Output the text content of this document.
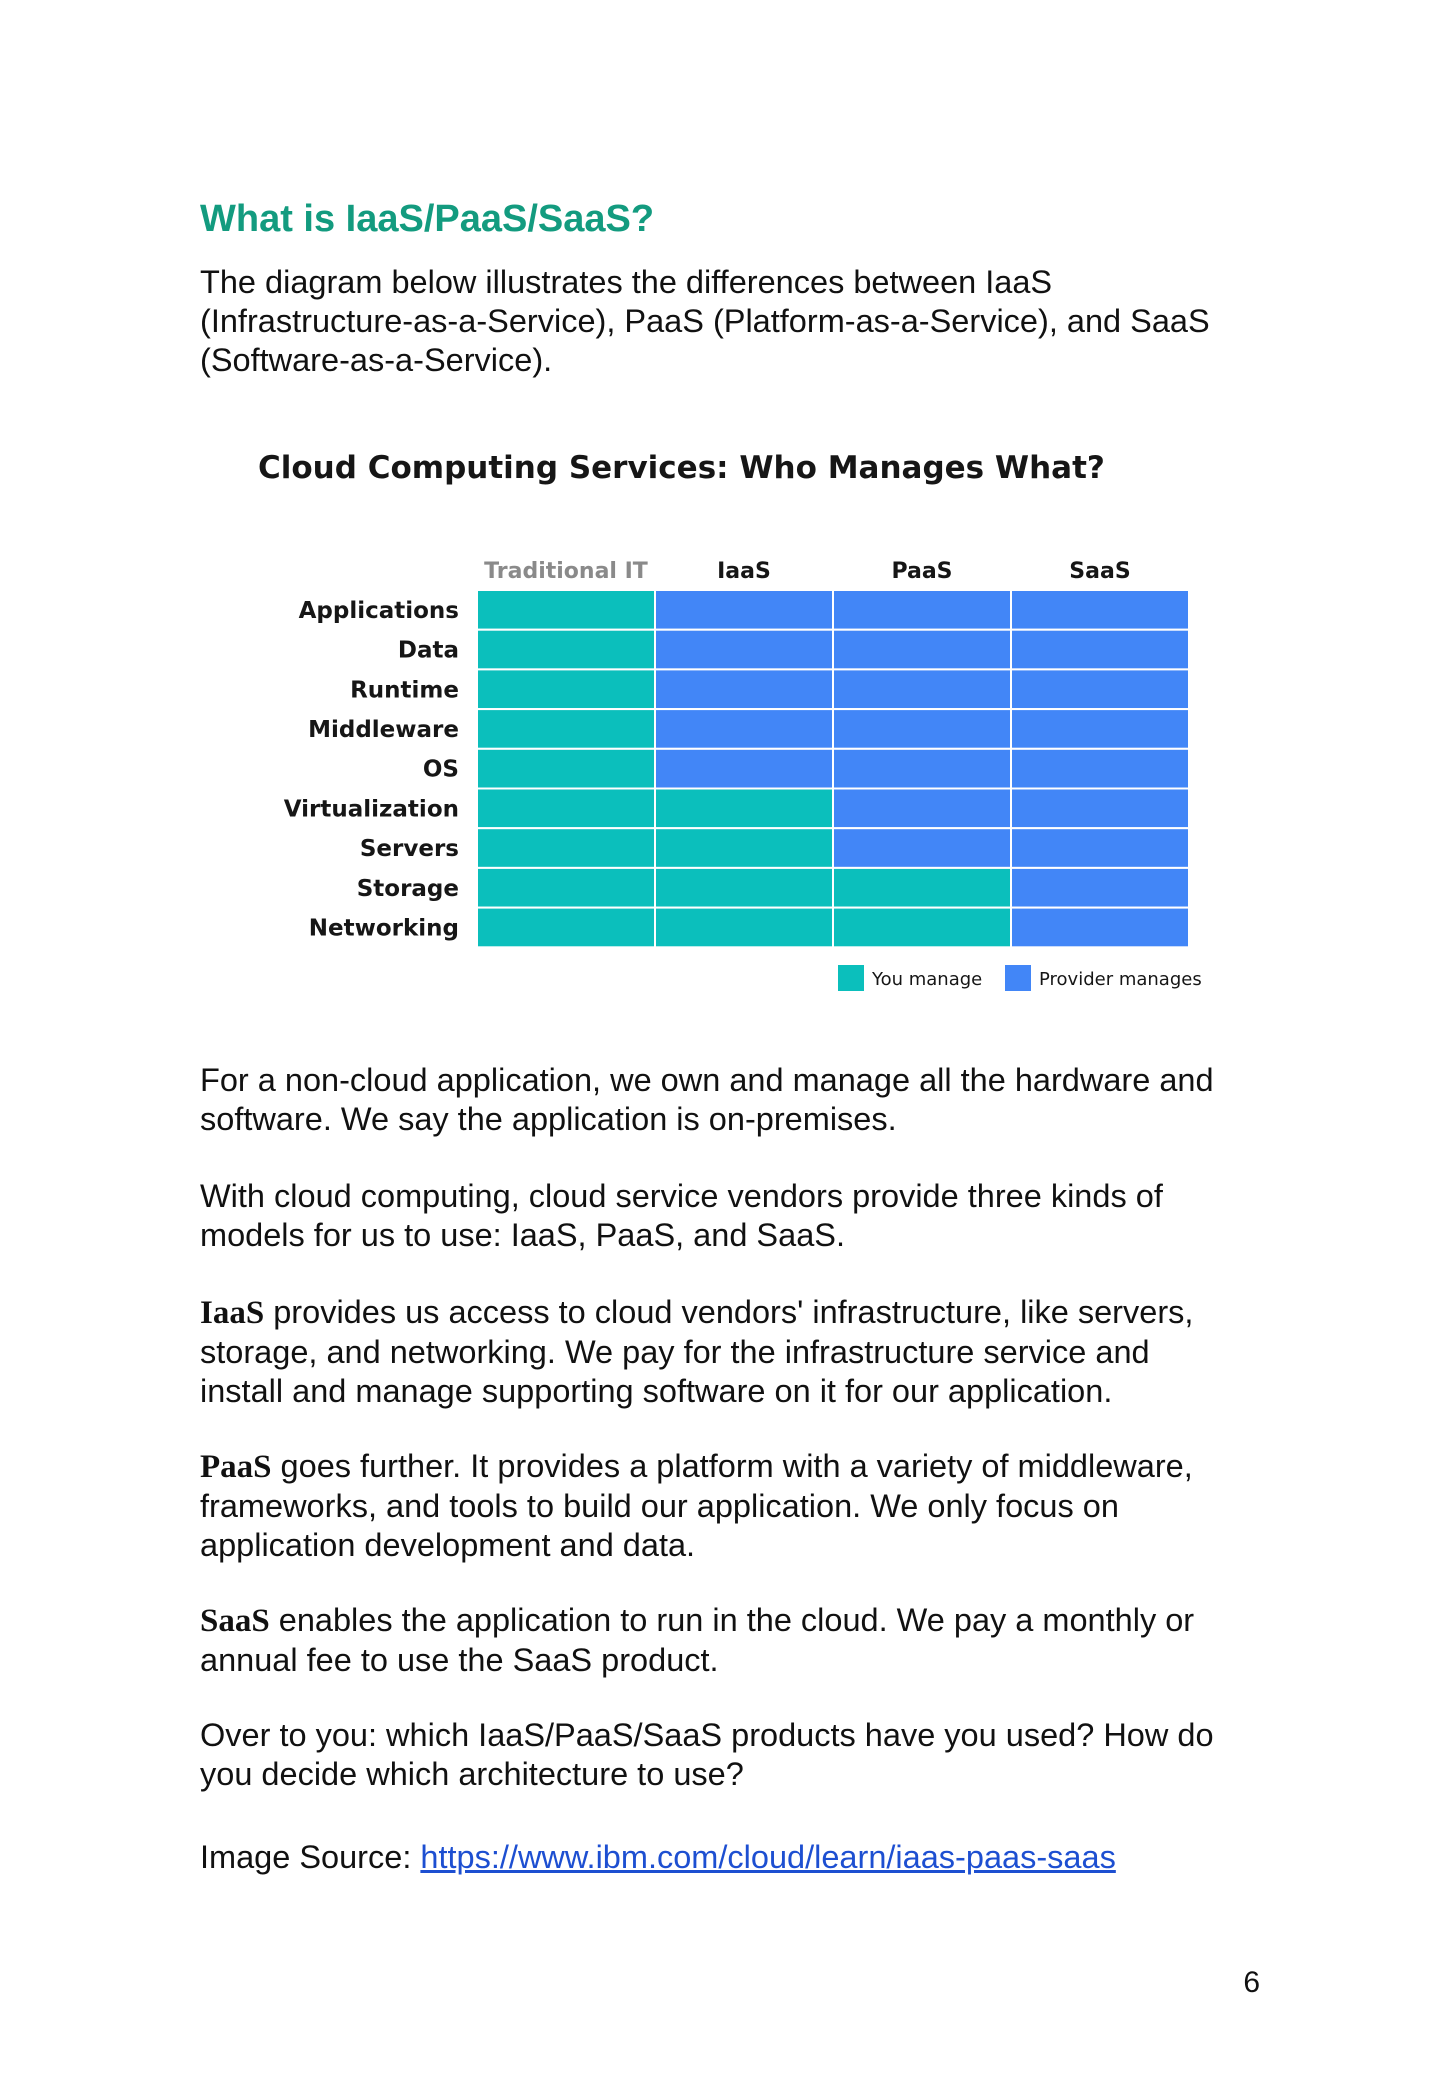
What is IaaS/PaaS/SaaS?

The diagram below illustrates the differences between IaaS
(Infrastructure-as-a-Service), PaaS (Platform-as-a-Service), and SaaS
(Software-as-a-Service).

Cloud Computing Services: Who Manages What?
Traditional IT	IaaS	PaaS	SaaS
Applications
Data
Runtime
Middleware
OS
Virtualization
Servers
Storage
Networking
You manage	Provider manages

For a non-cloud application, we own and manage all the hardware and
software. We say the application is on-premises.

With cloud computing, cloud service vendors provide three kinds of
models for us to use: IaaS, PaaS, and SaaS.

IaaS provides us access to cloud vendors' infrastructure, like servers,
storage, and networking. We pay for the infrastructure service and
install and manage supporting software on it for our application.

PaaS goes further. It provides a platform with a variety of middleware,
frameworks, and tools to build our application. We only focus on
application development and data.

SaaS enables the application to run in the cloud. We pay a monthly or
annual fee to use the SaaS product.

Over to you: which IaaS/PaaS/SaaS products have you used? How do
you decide which architecture to use?

Image Source: https://www.ibm.com/cloud/learn/iaas-paas-saas

6
